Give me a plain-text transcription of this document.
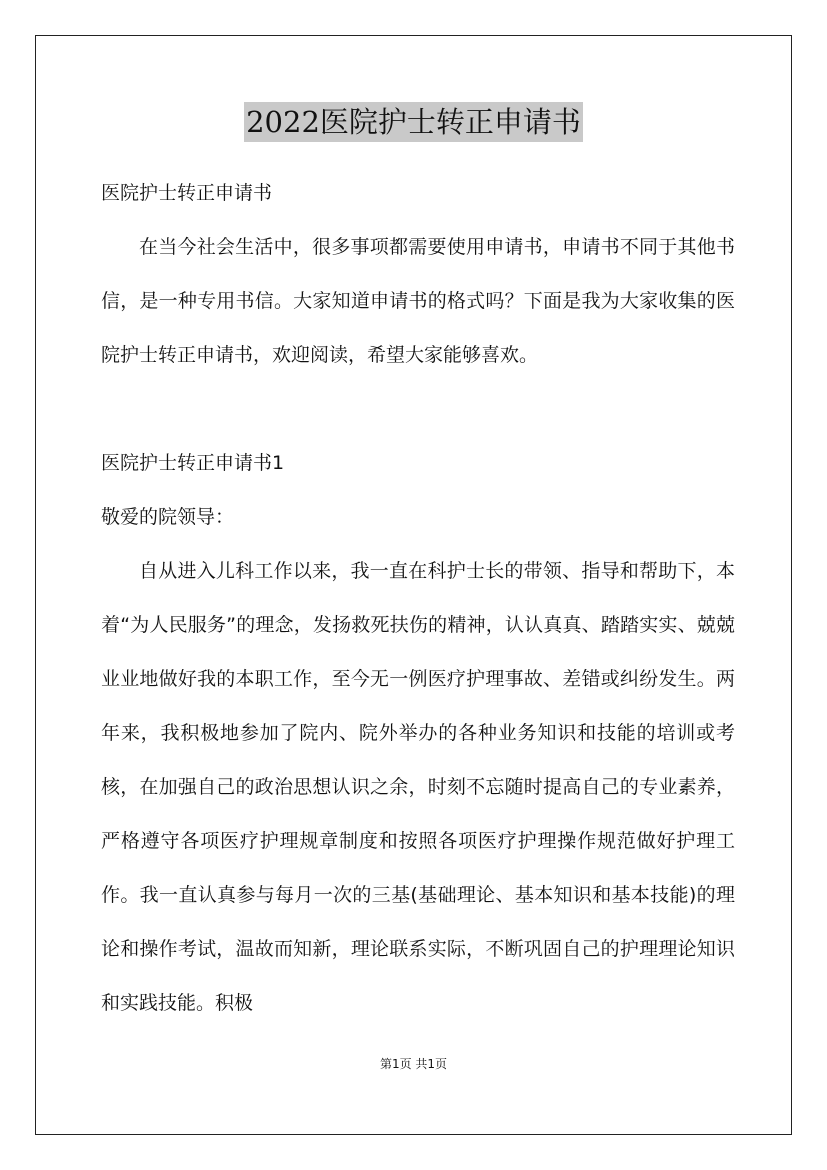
2022医院护士转正申请书

医院护士转正申请书

在当今社会生活中，很多事项都需要使用申请书，申请书不同于其他书信，是一种专用书信。大家知道申请书的格式吗？下面是我为大家收集的医院护士转正申请书，欢迎阅读，希望大家能够喜欢。

医院护士转正申请书1

敬爱的院领导：

自从进入儿科工作以来，我一直在科护士长的带领、指导和帮助下，本着“为人民服务”的理念，发扬救死扶伤的精神，认认真真、踏踏实实、兢兢业业地做好我的本职工作，至今无一例医疗护理事故、差错或纠纷发生。两年来，我积极地参加了院内、院外举办的各种业务知识和技能的培训或考核，在加强自己的政治思想认识之余，时刻不忘随时提高自己的专业素养，严格遵守各项医疗护理规章制度和按照各项医疗护理操作规范做好护理工作。我一直认真参与每月一次的三基(基础理论、基本知识和基本技能)的理论和操作考试，温故而知新，理论联系实际，不断巩固自己的护理理论知识和实践技能。积极

第1页 共1页
